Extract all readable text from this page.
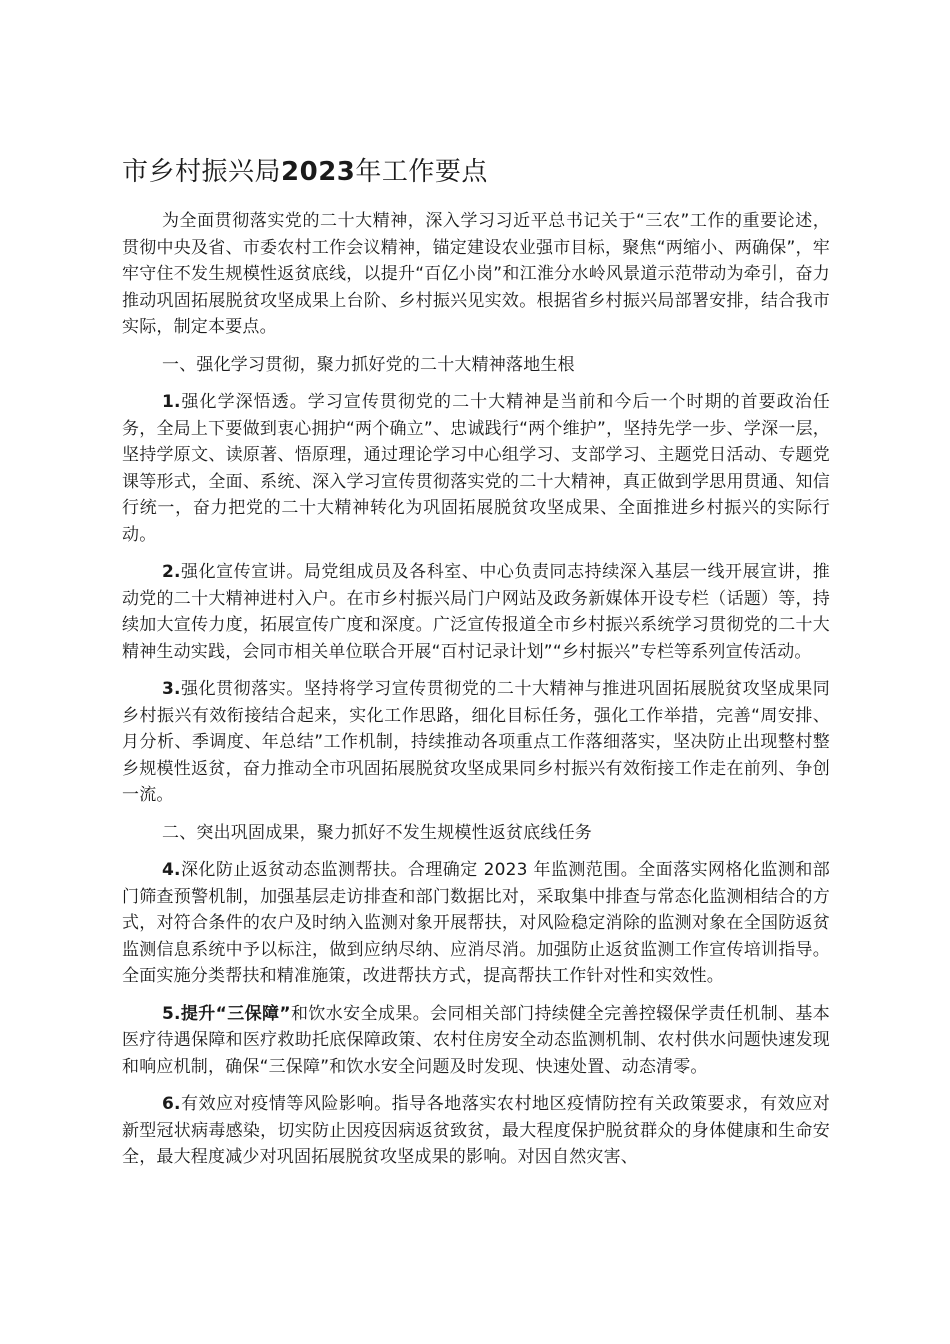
市乡村振兴局2023年工作要点

为全面贯彻落实党的二十大精神，深入学习习近平总书记关于“三农”工作的重要论述，贯彻中央及省、市委农村工作会议精神，锚定建设农业强市目标，聚焦“两缩小、两确保”，牢牢守住不发生规模性返贫底线，以提升“百亿小岗”和江淮分水岭风景道示范带动为牵引，奋力推动巩固拓展脱贫攻坚成果上台阶、乡村振兴见实效。根据省乡村振兴局部署安排，结合我市实际，制定本要点。

一、强化学习贯彻，聚力抓好党的二十大精神落地生根

1.强化学深悟透。学习宣传贯彻党的二十大精神是当前和今后一个时期的首要政治任务，全局上下要做到衷心拥护“两个确立”、忠诚践行“两个维护”，坚持先学一步、学深一层，坚持学原文、读原著、悟原理，通过理论学习中心组学习、支部学习、主题党日活动、专题党课等形式，全面、系统、深入学习宣传贯彻落实党的二十大精神，真正做到学思用贯通、知信行统一，奋力把党的二十大精神转化为巩固拓展脱贫攻坚成果、全面推进乡村振兴的实际行动。

2.强化宣传宣讲。局党组成员及各科室、中心负责同志持续深入基层一线开展宣讲，推动党的二十大精神进村入户。在市乡村振兴局门户网站及政务新媒体开设专栏（话题）等，持续加大宣传力度，拓展宣传广度和深度。广泛宣传报道全市乡村振兴系统学习贯彻党的二十大精神生动实践，会同市相关单位联合开展“百村记录计划”“乡村振兴”专栏等系列宣传活动。

3.强化贯彻落实。坚持将学习宣传贯彻党的二十大精神与推进巩固拓展脱贫攻坚成果同乡村振兴有效衔接结合起来，实化工作思路，细化目标任务，强化工作举措，完善“周安排、月分析、季调度、年总结”工作机制，持续推动各项重点工作落细落实，坚决防止出现整村整乡规模性返贫，奋力推动全市巩固拓展脱贫攻坚成果同乡村振兴有效衔接工作走在前列、争创一流。

二、突出巩固成果，聚力抓好不发生规模性返贫底线任务

4.深化防止返贫动态监测帮扶。合理确定 2023 年监测范围。全面落实网格化监测和部门筛查预警机制，加强基层走访排查和部门数据比对，采取集中排查与常态化监测相结合的方式，对符合条件的农户及时纳入监测对象开展帮扶，对风险稳定消除的监测对象在全国防返贫监测信息系统中予以标注，做到应纳尽纳、应消尽消。加强防止返贫监测工作宣传培训指导。全面实施分类帮扶和精准施策，改进帮扶方式，提高帮扶工作针对性和实效性。

5.提升“三保障”和饮水安全成果。会同相关部门持续健全完善控辍保学责任机制、基本医疗待遇保障和医疗救助托底保障政策、农村住房安全动态监测机制、农村供水问题快速发现和响应机制，确保“三保障”和饮水安全问题及时发现、快速处置、动态清零。

6.有效应对疫情等风险影响。指导各地落实农村地区疫情防控有关政策要求，有效应对新型冠状病毒感染，切实防止因疫因病返贫致贫，最大程度保护脱贫群众的身体健康和生命安全，最大程度减少对巩固拓展脱贫攻坚成果的影响。对因自然灾害、
